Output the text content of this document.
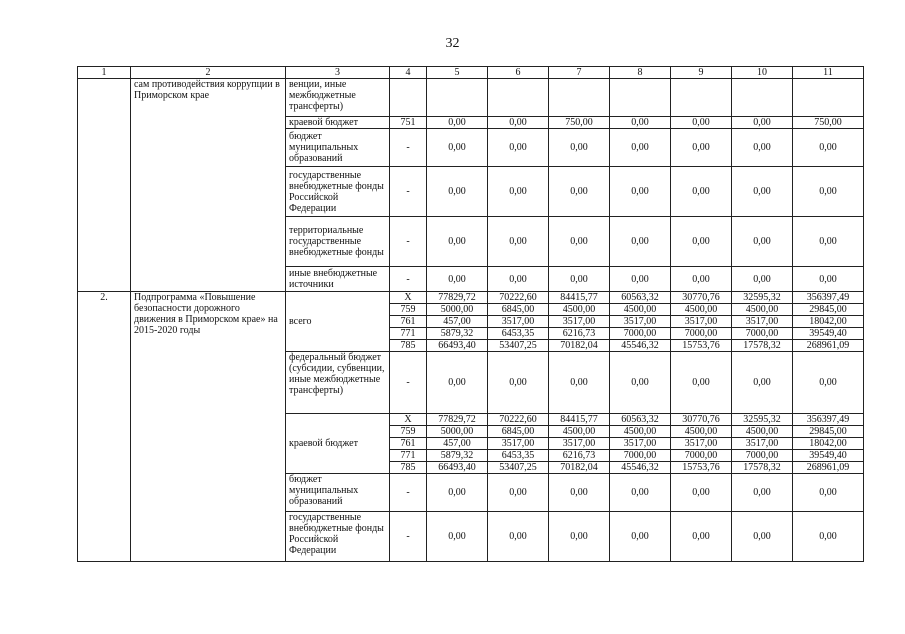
32
1	2	3	4	5	6	7	8	9	10	11
	сам противодействия коррупции в Приморском крае	венции, иные межбюджетные трансферты)								
		краевой бюджет	751	0,00	0,00	750,00	0,00	0,00	0,00	750,00
		бюджет муниципальных образований	-	0,00	0,00	0,00	0,00	0,00	0,00	0,00
		государственные внебюджетные фонды Российской Федерации	-	0,00	0,00	0,00	0,00	0,00	0,00	0,00
		территориальные государственные внебюджетные фонды	-	0,00	0,00	0,00	0,00	0,00	0,00	0,00
		иные внебюджетные источники	-	0,00	0,00	0,00	0,00	0,00	0,00	0,00
2.	Подпрограмма «Повышение безопасности дорожного движения в Приморском крае» на 2015-2020 годы	всего	X	77829,72	70222,60	84415,77	60563,32	30770,76	32595,32	356397,49
			759	5000,00	6845,00	4500,00	4500,00	4500,00	4500,00	29845,00
			761	457,00	3517,00	3517,00	3517,00	3517,00	3517,00	18042,00
			771	5879,32	6453,35	6216,73	7000,00	7000,00	7000,00	39549,40
			785	66493,40	53407,25	70182,04	45546,32	15753,76	17578,32	268961,09
		федеральный бюджет (субсидии, субвенции, иные межбюджетные трансферты)	-	0,00	0,00	0,00	0,00	0,00	0,00	0,00
		краевой бюджет	X	77829,72	70222,60	84415,77	60563,32	30770,76	32595,32	356397,49
			759	5000,00	6845,00	4500,00	4500,00	4500,00	4500,00	29845,00
			761	457,00	3517,00	3517,00	3517,00	3517,00	3517,00	18042,00
			771	5879,32	6453,35	6216,73	7000,00	7000,00	7000,00	39549,40
			785	66493,40	53407,25	70182,04	45546,32	15753,76	17578,32	268961,09
		бюджет муниципальных образований	-	0,00	0,00	0,00	0,00	0,00	0,00	0,00
		государственные внебюджетные фонды Российской Федерации	-	0,00	0,00	0,00	0,00	0,00	0,00	0,00
